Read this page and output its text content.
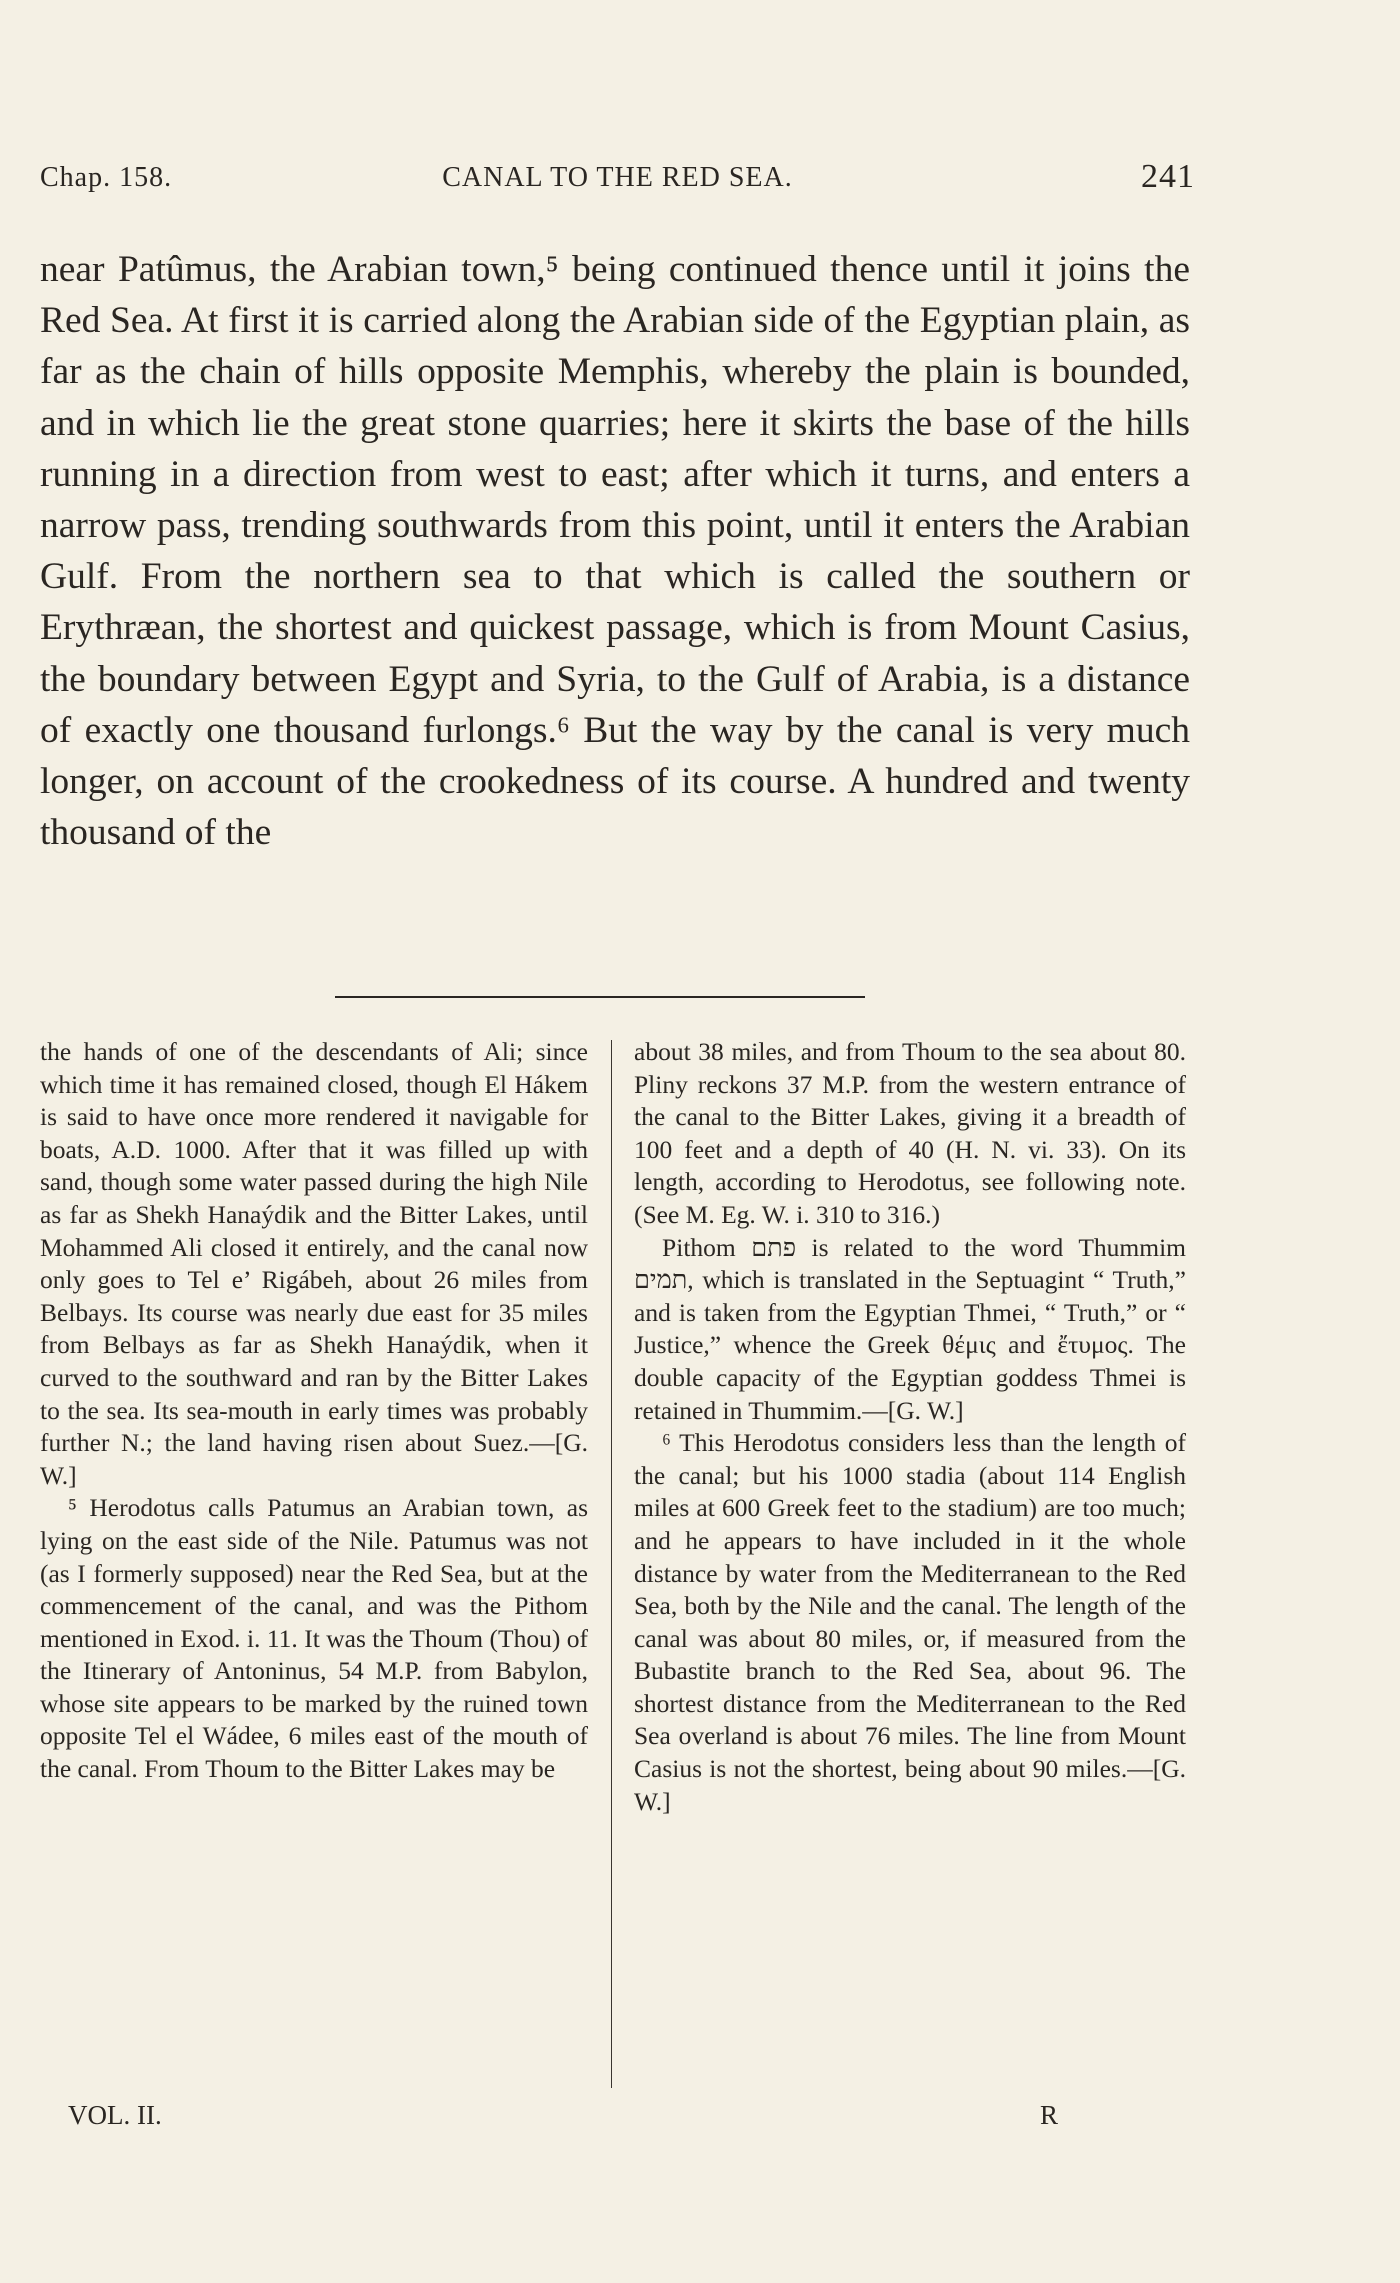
Chap. 158.	CANAL TO THE RED SEA.	241

near Patûmus, the Arabian town,⁵ being continued thence until it joins the Red Sea. At first it is carried along the Arabian side of the Egyptian plain, as far as the chain of hills opposite Memphis, whereby the plain is bounded, and in which lie the great stone quarries; here it skirts the base of the hills running in a direction from west to east; after which it turns, and enters a narrow pass, trending southwards from this point, until it enters the Arabian Gulf. From the northern sea to that which is called the southern or Erythræan, the shortest and quickest passage, which is from Mount Casius, the boundary between Egypt and Syria, to the Gulf of Arabia, is a distance of exactly one thousand furlongs.⁶ But the way by the canal is very much longer, on account of the crookedness of its course. A hundred and twenty thousand of the

the hands of one of the descendants of Ali; since which time it has remained closed, though El Hákem is said to have once more rendered it navigable for boats, A.D. 1000. After that it was filled up with sand, though some water passed during the high Nile as far as Shekh Hanaýdik and the Bitter Lakes, until Mohammed Ali closed it entirely, and the canal now only goes to Tel e’ Rigábeh, about 26 miles from Belbays. Its course was nearly due east for 35 miles from Belbays as far as Shekh Hanaýdik, when it curved to the southward and ran by the Bitter Lakes to the sea. Its sea-mouth in early times was probably further N.; the land having risen about Suez.—[G. W.]

⁵ Herodotus calls Patumus an Arabian town, as lying on the east side of the Nile. Patumus was not (as I formerly supposed) near the Red Sea, but at the commencement of the canal, and was the Pithom mentioned in Exod. i. 11. It was the Thoum (Thou) of the Itinerary of Antoninus, 54 M.P. from Babylon, whose site appears to be marked by the ruined town opposite Tel el Wádee, 6 miles east of the mouth of the canal. From Thoum to the Bitter Lakes may be

about 38 miles, and from Thoum to the sea about 80. Pliny reckons 37 M.P. from the western entrance of the canal to the Bitter Lakes, giving it a breadth of 100 feet and a depth of 40 (H. N. vi. 33). On its length, according to Herodotus, see following note. (See M. Eg. W. i. 310 to 316.)

Pithom פתם is related to the word Thummim תמים, which is translated in the Septuagint “ Truth,” and is taken from the Egyptian Thmei, “ Truth,” or “ Justice,” whence the Greek θέμις and ἔτυμος. The double capacity of the Egyptian goddess Thmei is retained in Thummim.—[G. W.]

⁶ This Herodotus considers less than the length of the canal; but his 1000 stadia (about 114 English miles at 600 Greek feet to the stadium) are too much; and he appears to have included in it the whole distance by water from the Mediterranean to the Red Sea, both by the Nile and the canal. The length of the canal was about 80 miles, or, if measured from the Bubastite branch to the Red Sea, about 96. The shortest distance from the Mediterranean to the Red Sea overland is about 76 miles. The line from Mount Casius is not the shortest, being about 90 miles.—[G. W.]

VOL. II.	R
